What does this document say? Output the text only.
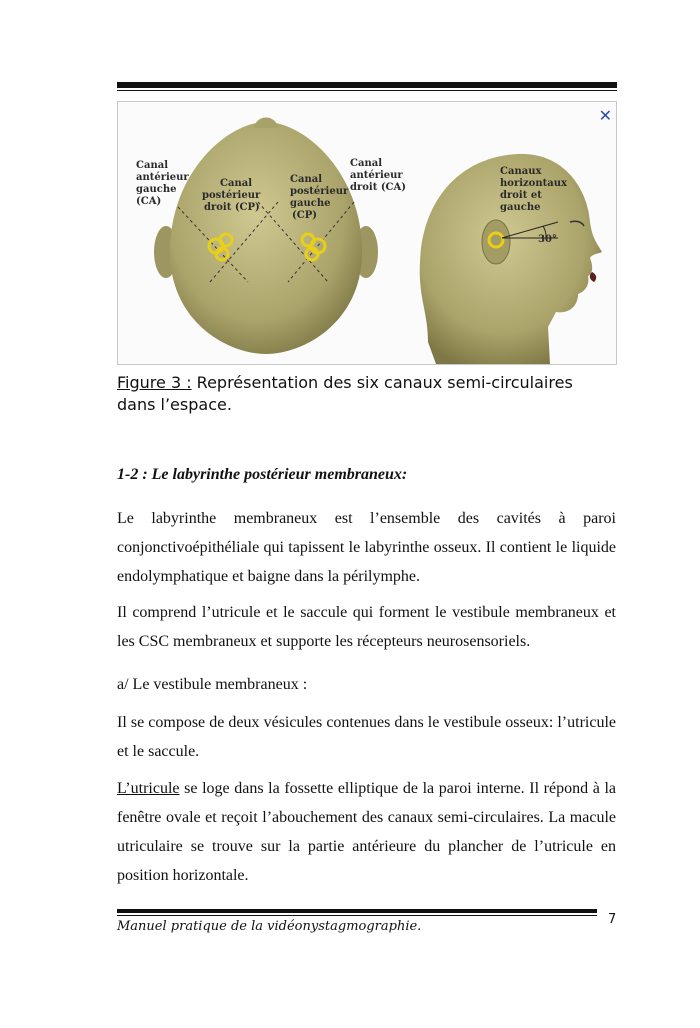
Canal antérieur gauche (CA)
Canal postérieur droit (CP)
Canal postérieur gauche (CP)
Canal antérieur droit (CA)
Canaux horizontaux droit et gauche
30°
✕
Figure 3 : Représentation des six canaux semi-circulaires dans l’espace.
1-2 : Le labyrinthe postérieur membraneux:
Le labyrinthe membraneux est l’ensemble des cavités à paroi conjonctivoépithéliale qui tapissent le labyrinthe osseux. Il contient le liquide endolymphatique et baigne dans la périlymphe.
Il comprend l’utricule et le saccule qui forment le vestibule membraneux et les CSC membraneux et supporte les récepteurs neurosensoriels.
a/ Le vestibule membraneux :
Il se compose de deux vésicules contenues dans le vestibule osseux: l’utricule et le saccule.
L’utricule se loge dans la fossette elliptique de la paroi interne. Il répond à la fenêtre ovale et reçoit l’abouchement des canaux semi-circulaires. La macule utriculaire se trouve sur la partie antérieure du plancher de l’utricule en position horizontale.
Manuel pratique de la vidéonystagmographie.	7
